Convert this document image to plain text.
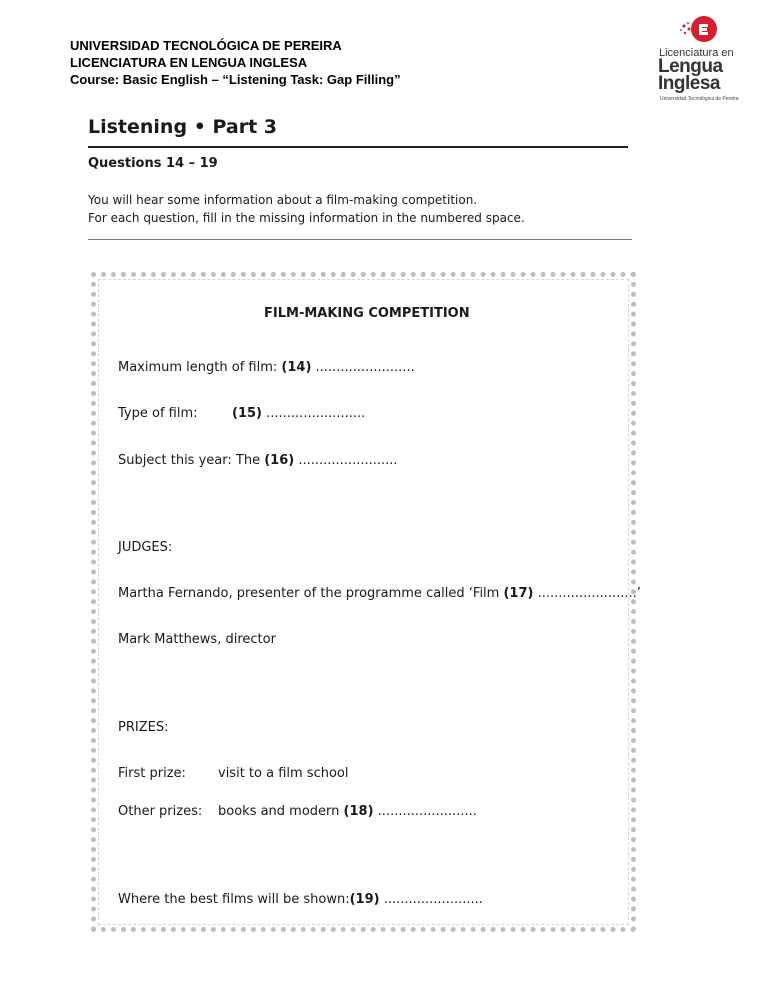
UNIVERSIDAD TECNOLÓGICA DE PEREIRA
LICENCIATURA EN LENGUA INGLESA
Course: Basic English – “Listening Task: Gap Filling”
Licenciatura en
Lengua
Inglesa
Universidad Tecnológica de Pereira
Listening • Part 3
Questions 14 – 19
You will hear some information about a film-making competition.
For each question, fill in the missing information in the numbered space.
FILM-MAKING COMPETITION
Maximum length of film: (14) ........................
Type of film:	(15) ........................
Subject this year: The (16) ........................
JUDGES:
Martha Fernando, presenter of the programme called ‘Film (17) ........................’
Mark Matthews, director
PRIZES:
First prize: visit to a film school
Other prizes: books and modern (18) ........................
Where the best films will be shown:(19) ........................
